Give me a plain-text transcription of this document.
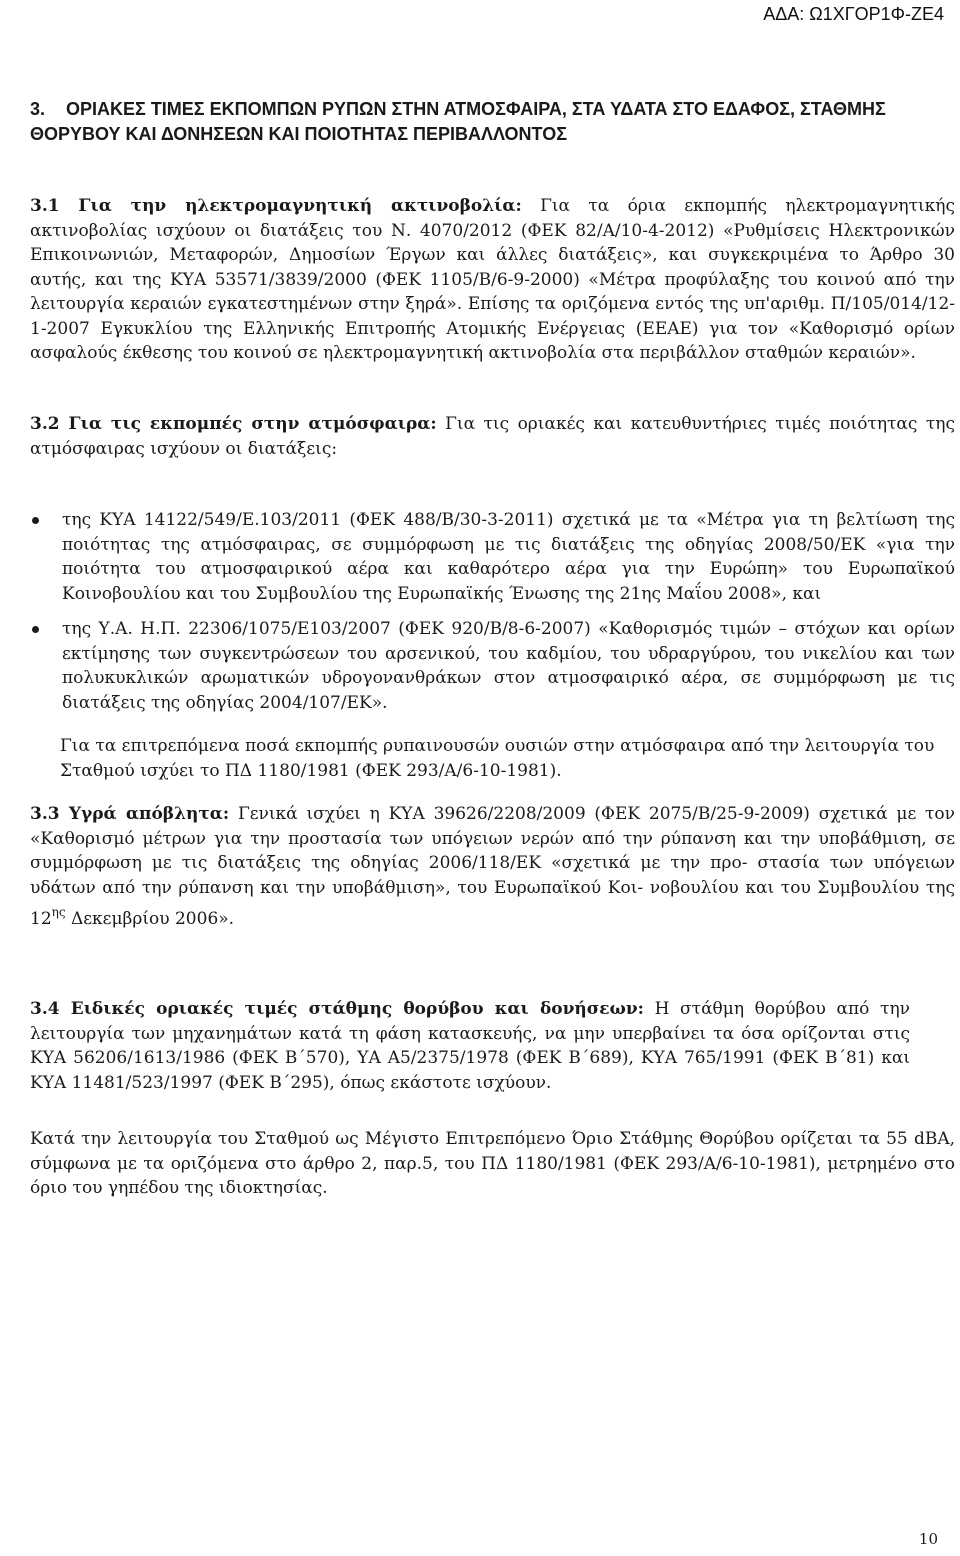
ΑΔΑ: Ω1ΧΓΟΡ1Φ-ΖΕ4
3. ΟΡΙΑΚΕΣ ΤΙΜΕΣ ΕΚΠΟΜΠΩΝ ΡΥΠΩΝ ΣΤΗΝ ΑΤΜΟΣΦΑΙΡΑ, ΣΤΑ ΥΔΑΤΑ ΣΤΟ ΕΔΑΦΟΣ, ΣΤΑΘΜΗΣ ΘΟΡΥΒΟΥ ΚΑΙ ΔΟΝΗΣΕΩΝ ΚΑΙ ΠΟΙΟΤΗΤΑΣ ΠΕΡΙΒΑΛΛΟΝΤΟΣ
3.1 Για την ηλεκτρομαγνητική ακτινοβολία: Για τα όρια εκπομπής ηλεκτρομαγνητικής ακτινοβολίας ισχύουν οι διατάξεις του Ν. 4070/2012 (ΦΕΚ 82/Α/10-4-2012) «Ρυθμίσεις Ηλεκτρονικών Επικοινωνιών, Μεταφορών, Δημοσίων Έργων και άλλες διατάξεις», και συγκεκριμένα το Άρθρο 30 αυτής, και της ΚΥΑ 53571/3839/2000 (ΦΕΚ 1105/Β/6-9-2000) «Μέτρα προφύλαξης του κοινού από την λειτουργία κεραιών εγκατεστημένων στην ξηρά». Επίσης τα οριζόμενα εντός της υπ'αριθμ. Π/105/014/12-1-2007 Εγκυκλίου της Ελληνικής Επιτροπής Ατομικής Ενέργειας (ΕΕΑΕ) για τον «Καθορισμό ορίων ασφαλούς έκθεσης του κοινού σε ηλεκτρομαγνητική ακτινοβολία στα περιβάλλον σταθμών κεραιών».
3.2 Για τις εκπομπές στην ατμόσφαιρα: Για τις οριακές και κατευθυντήριες τιμές ποιότητας της ατμόσφαιρας ισχύουν οι διατάξεις:
της ΚΥΑ 14122/549/Ε.103/2011 (ΦΕΚ 488/Β/30-3-2011) σχετικά με τα «Μέτρα για τη βελτίωση της ποιότητας της ατμόσφαιρας, σε συμμόρφωση με τις διατάξεις της οδηγίας 2008/50/ΕΚ «για την ποιότητα του ατμοσφαιρικού αέρα και καθαρότερο αέρα για την Ευρώπη» του Ευρωπαϊκού Κοινοβουλίου και του Συμβουλίου της Ευρωπαϊκής Ένωσης της 21ης Μαΐου 2008», και
της Υ.Α. Η.Π. 22306/1075/Ε103/2007 (ΦΕΚ 920/Β/8-6-2007) «Καθορισμός τιμών – στόχων και ορίων εκτίμησης των συγκεντρώσεων του αρσενικού, του καδμίου, του υδραργύρου, του νικελίου και των πολυκυκλικών αρωματικών υδρογονανθράκων στον ατμοσφαιρικό αέρα, σε συμμόρφωση με τις διατάξεις της οδηγίας 2004/107/ΕΚ».
Για τα επιτρεπόμενα ποσά εκπομπής ρυπαινουσών ουσιών στην ατμόσφαιρα από την λειτουργία του Σταθμού ισχύει το ΠΔ 1180/1981 (ΦΕΚ 293/Α/6-10-1981).
3.3 Υγρά απόβλητα: Γενικά ισχύει η ΚΥΑ 39626/2208/2009 (ΦΕΚ 2075/Β/25-9-2009) σχετικά με τον «Καθορισμό μέτρων για την προστασία των υπόγειων νερών από την ρύπανση και την υποβάθμιση, σε συμμόρφωση με τις διατάξεις της οδηγίας 2006/118/ΕΚ «σχετικά με την προ- στασία των υπόγειων υδάτων από την ρύπανση και την υποβάθμιση», του Ευρωπαϊκού Κοι- νοβουλίου και του Συμβουλίου της $12^{\eta\varsigma}$ Δεκεμβρίου 2006».
3.4 Ειδικές οριακές τιμές στάθμης θορύβου και δονήσεων: Η στάθμη θορύβου από την λειτουργία των μηχανημάτων κατά τη φάση κατασκευής, να μην υπερβαίνει τα όσα ορίζονται στις ΚΥΑ 56206/1613/1986 (ΦΕΚ Β΄570), ΥΑ Α5/2375/1978 (ΦΕΚ Β΄689), ΚΥΑ 765/1991 (ΦΕΚ Β΄81) και ΚΥΑ 11481/523/1997 (ΦΕΚ Β΄295), όπως εκάστοτε ισχύουν.
Κατά την λειτουργία του Σταθμού ως Μέγιστο Επιτρεπόμενο Όριο Στάθμης Θορύβου ορίζεται τα 55 dBA, σύμφωνα με τα οριζόμενα στο άρθρο 2, παρ.5, του ΠΔ 1180/1981 (ΦΕΚ 293/Α/6-10-1981), μετρημένο στο όριο του γηπέδου της ιδιοκτησίας.
10
